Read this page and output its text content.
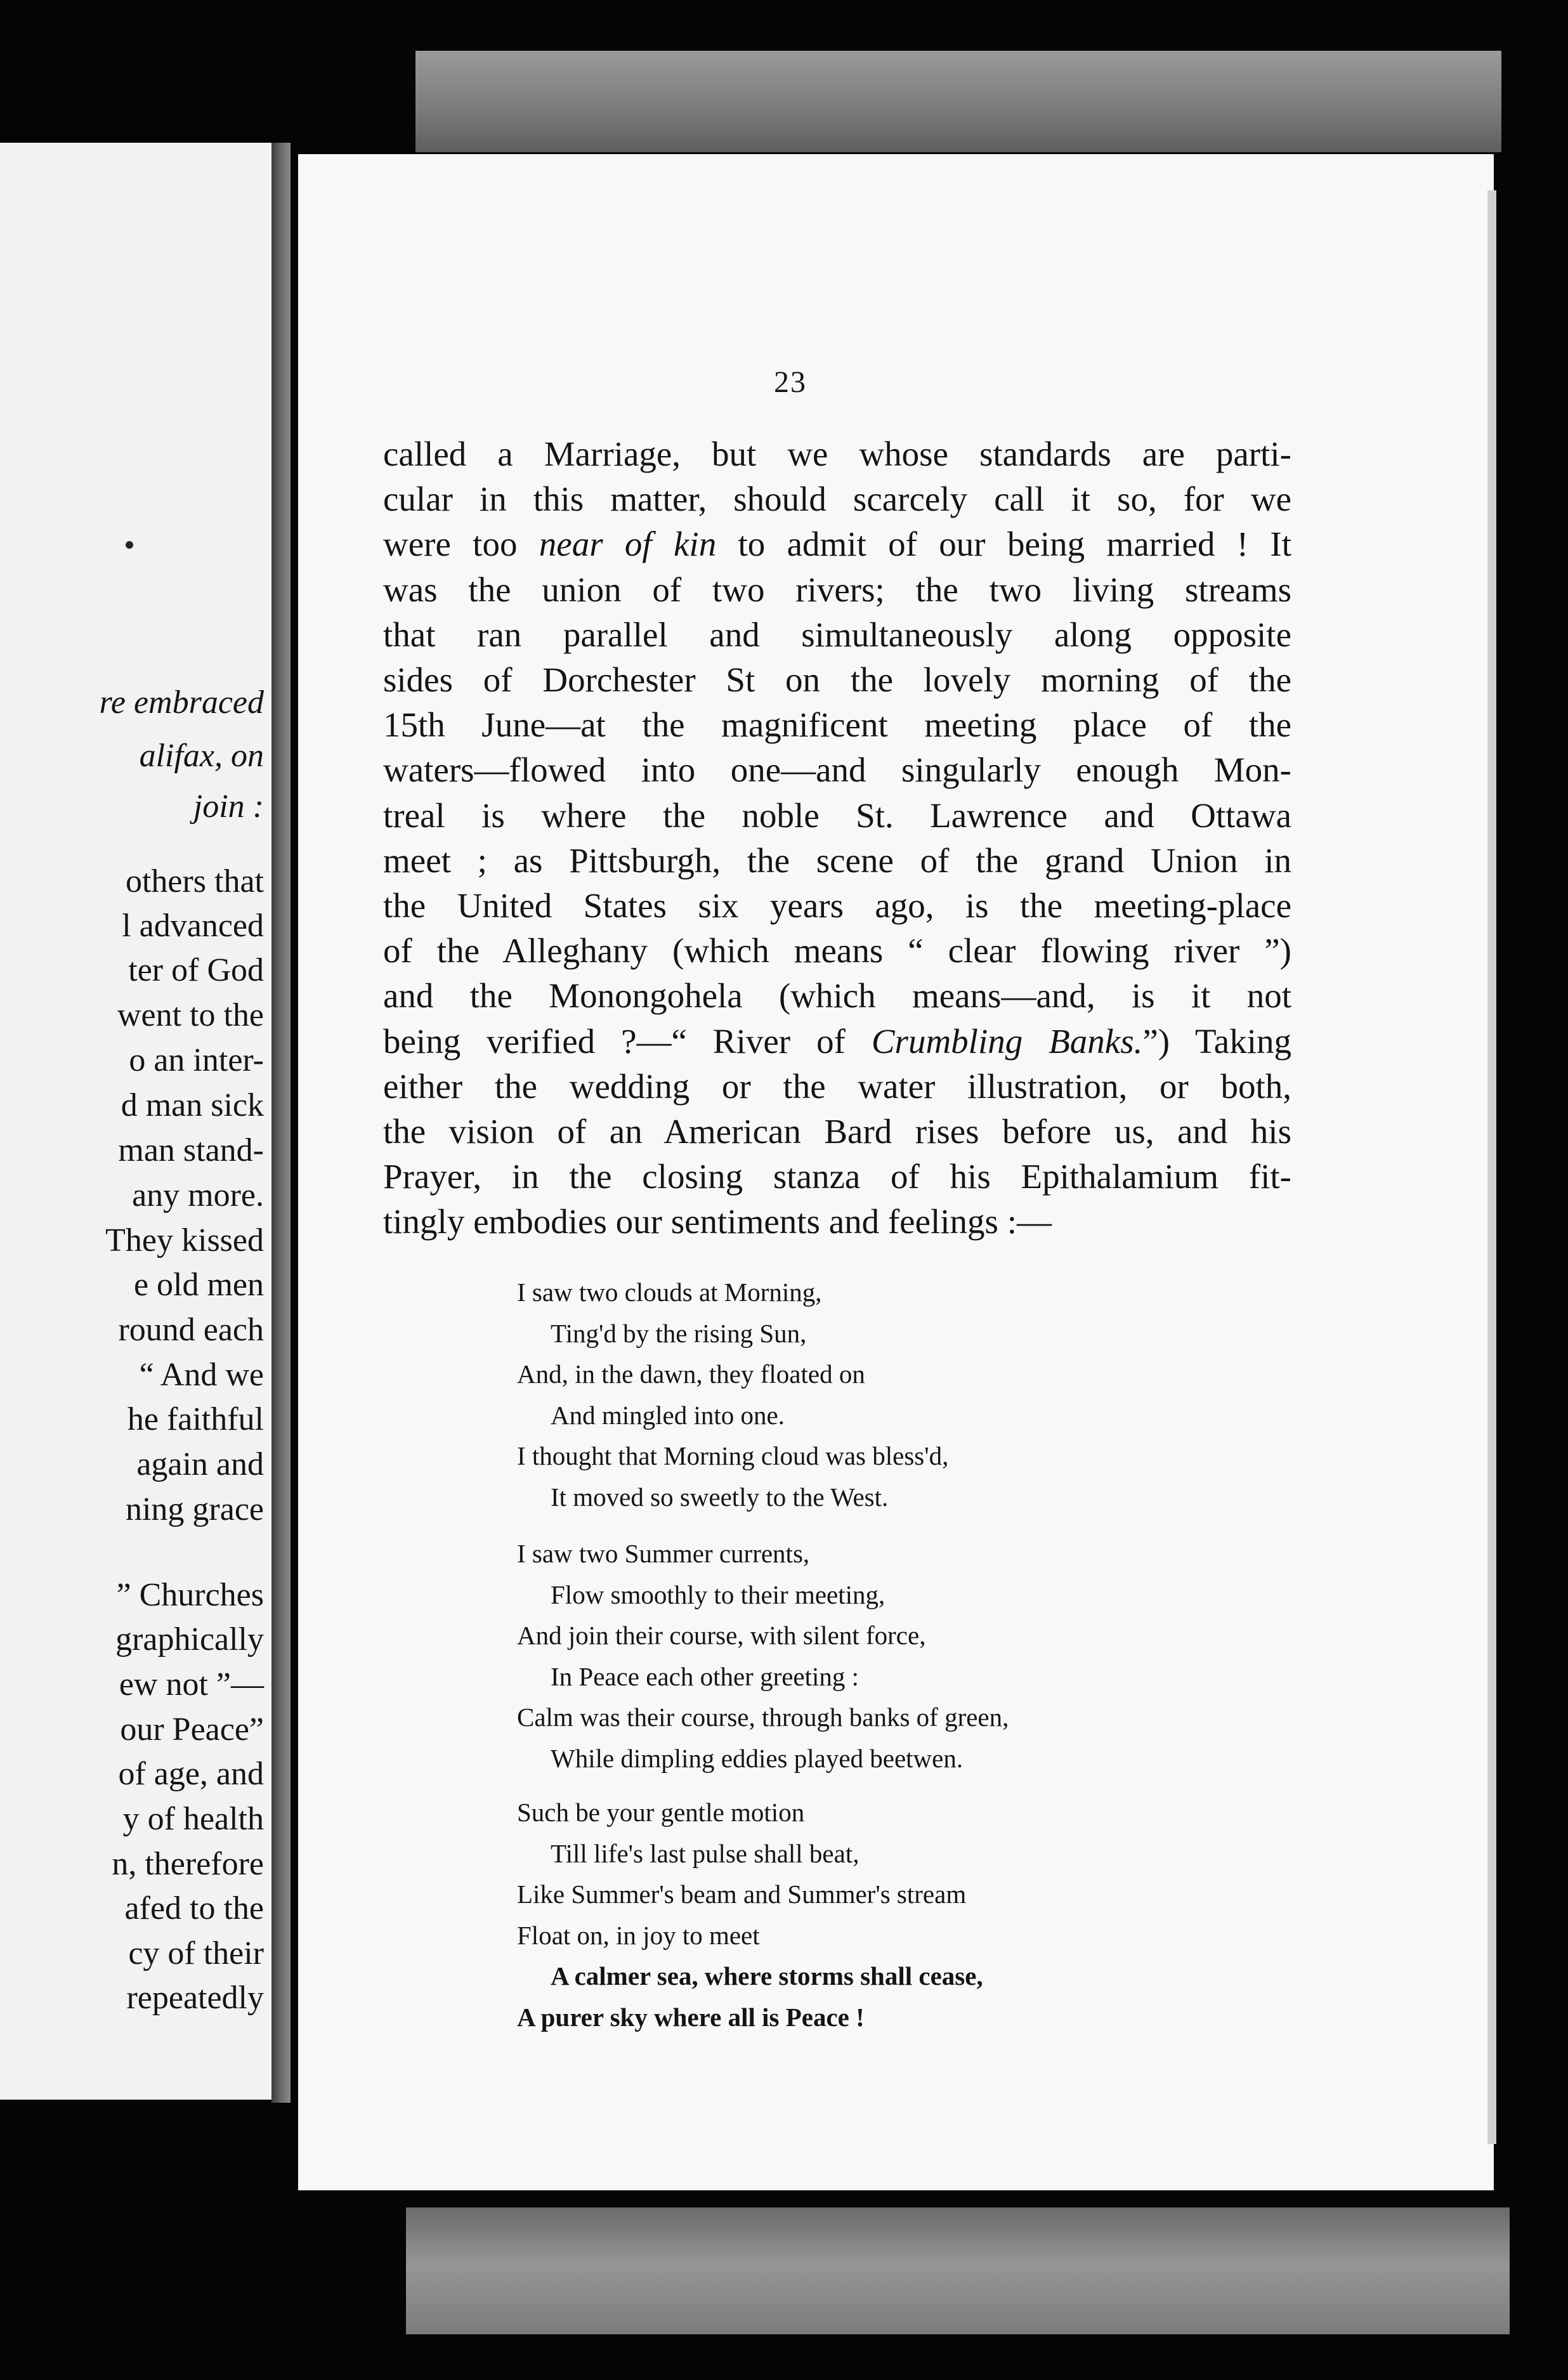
re embraced
alifax, on
join :
others that
l advanced
ter of God
went to the
o an inter-
d man sick
man stand-
any more.
They kissed
e old men
round each
“ And we
he faithful
again and
ning grace
” Churches
graphically
ew not ”—
our Peace”
of age, and
y of health
n, therefore
afed to the
cy of their
repeatedly
23
called a Marriage, but we whose standards are parti-
cular in this matter, should scarcely call it so, for we
were too near of kin to admit of our being married ! It
was the union of two rivers; the two living streams
that ran parallel and simultaneously along opposite
sides of Dorchester St on the lovely morning of the
15th June—at the magnificent meeting place of the
waters—flowed into one—and singularly enough Mon-
treal is where the noble St. Lawrence and Ottawa
meet ; as Pittsburgh, the scene of the grand Union in
the United States six years ago, is the meeting-place
of the Alleghany (which means “ clear flowing river ”)
and the Monongohela (which means—and, is it not
being verified ?—“ River of Crumbling Banks.”) Taking
either the wedding or the water illustration, or both,
the vision of an American Bard rises before us, and his
Prayer, in the closing stanza of his Epithalamium fit-
tingly embodies our sentiments and feelings :—
I saw two clouds at Morning,
Ting'd by the rising Sun,
And, in the dawn, they floated on
And mingled into one.
I thought that Morning cloud was bless'd,
It moved so sweetly to the West.
I saw two Summer currents,
Flow smoothly to their meeting,
And join their course, with silent force,
In Peace each other greeting :
Calm was their course, through banks of green,
While dimpling eddies played beetwen.
Such be your gentle motion
Till life's last pulse shall beat,
Like Summer's beam and Summer's stream
Float on, in joy to meet
A calmer sea, where storms shall cease,
A purer sky where all is Peace !
